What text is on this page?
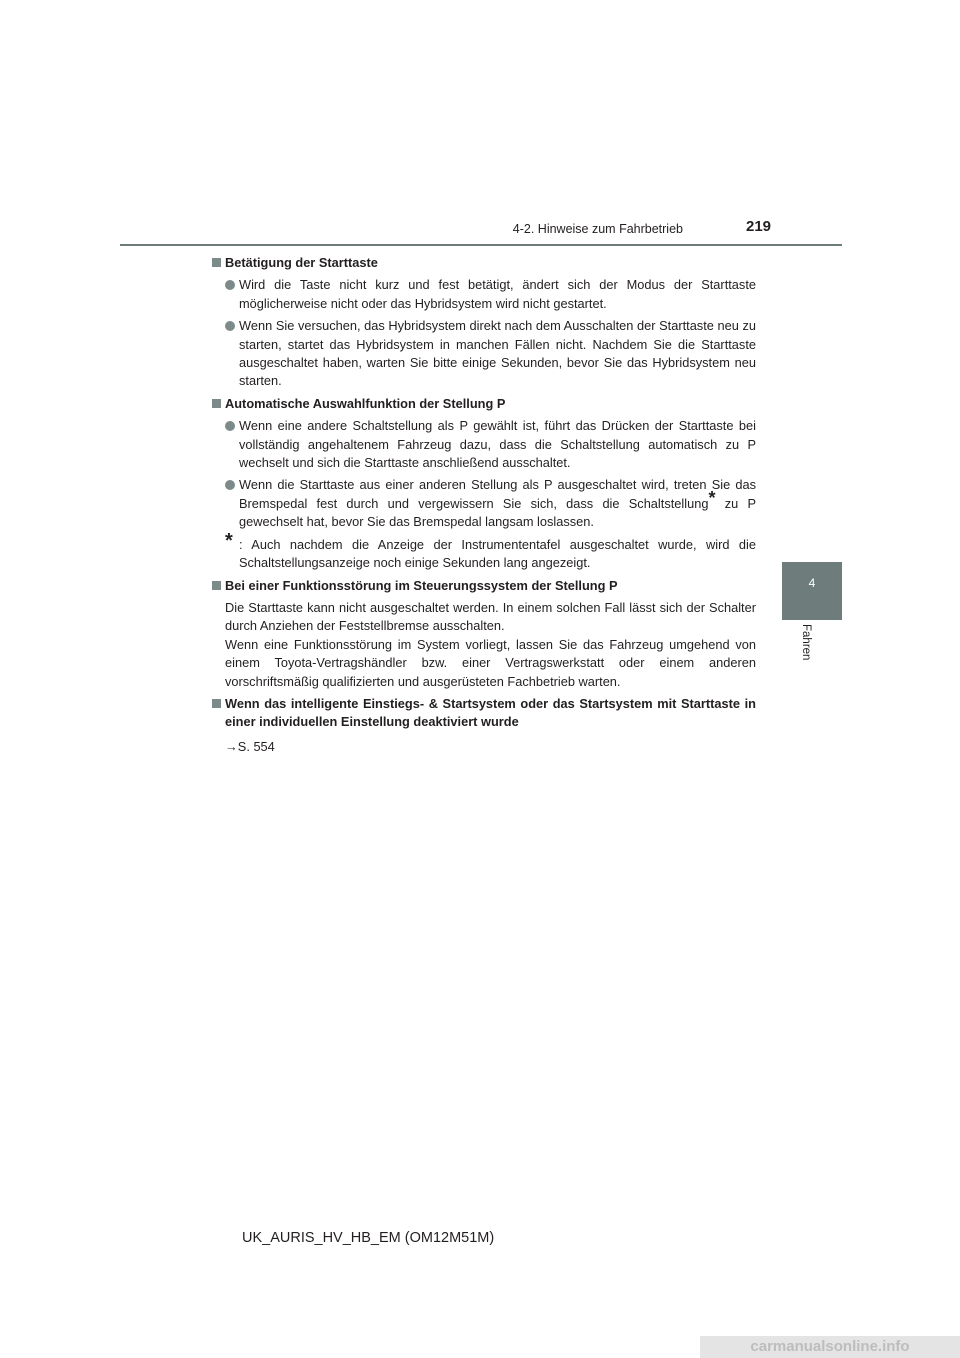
4-2. Hinweise zum Fahrbetrieb	219
4
Fahren
Betätigung der Starttaste
Wird die Taste nicht kurz und fest betätigt, ändert sich der Modus der Starttaste möglicherweise nicht oder das Hybridsystem wird nicht gestartet.
Wenn Sie versuchen, das Hybridsystem direkt nach dem Ausschalten der Starttaste neu zu starten, startet das Hybridsystem in manchen Fällen nicht. Nachdem Sie die Starttaste ausgeschaltet haben, warten Sie bitte einige Sekunden, bevor Sie das Hybridsystem neu starten.
Automatische Auswahlfunktion der Stellung P
Wenn eine andere Schaltstellung als P gewählt ist, führt das Drücken der Starttaste bei vollständig angehaltenem Fahrzeug dazu, dass die Schaltstellung automatisch zu P wechselt und sich die Starttaste anschließend ausschaltet.
Wenn die Starttaste aus einer anderen Stellung als P ausgeschaltet wird, treten Sie das Bremspedal fest durch und vergewissern Sie sich, dass die Schaltstellung* zu P gewechselt hat, bevor Sie das Bremspedal langsam loslassen.
* : Auch nachdem die Anzeige der Instrumententafel ausgeschaltet wurde, wird die Schaltstellungsanzeige noch einige Sekunden lang angezeigt.
Bei einer Funktionsstörung im Steuerungssystem der Stellung P

Die Starttaste kann nicht ausgeschaltet werden. In einem solchen Fall lässt sich der Schalter durch Anziehen der Feststellbremse ausschalten.

Wenn eine Funktionsstörung im System vorliegt, lassen Sie das Fahrzeug umgehend von einem Toyota-Vertragshändler bzw. einer Vertragswerkstatt oder einem anderen vorschriftsmäßig qualifizierten und ausgerüsteten Fachbetrieb warten.

Wenn das intelligente Einstiegs- & Startsystem oder das Startsystem mit Starttaste in einer individuellen Einstellung deaktiviert wurde
→S. 554
UK_AURIS_HV_HB_EM (OM12M51M)
carmanualsonline.info
